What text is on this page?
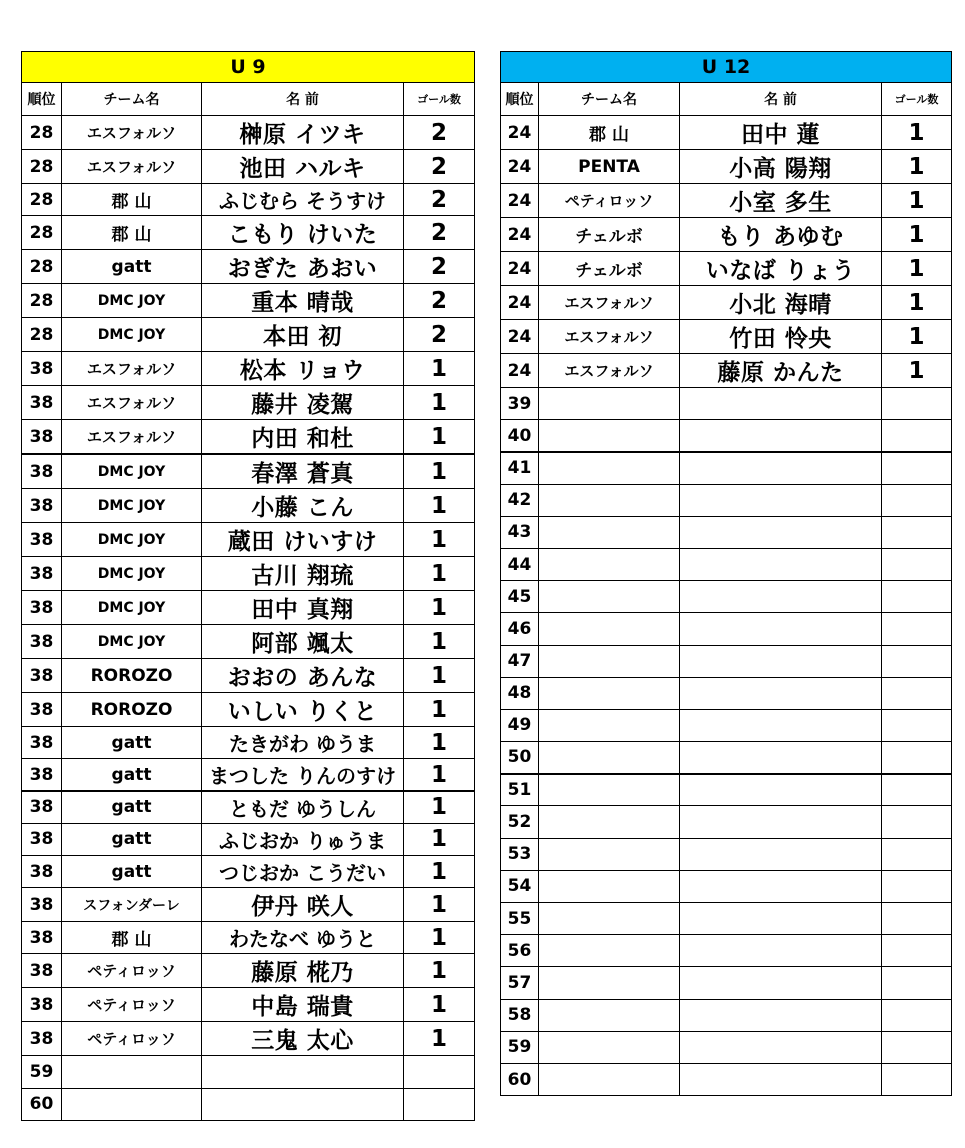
U 9			
順位	チーム名	名 前	ゴール数
28	エスフォルソ	榊原 イツキ	2
28	エスフォルソ	池田 ハルキ	2
28	郡 山	ふじむら そうすけ	2
28	郡 山	こもり けいた	2
28	gatt	おぎた あおい	2
28	DMC JOY	重本 晴哉	2
28	DMC JOY	本田 初	2
38	エスフォルソ	松本 リョウ	1
38	エスフォルソ	藤井 凌駕	1
38	エスフォルソ	内田 和杜	1
38	DMC JOY	春澤 蒼真	1
38	DMC JOY	小藤 こん	1
38	DMC JOY	蔵田 けいすけ	1
38	DMC JOY	古川 翔琉	1
38	DMC JOY	田中 真翔	1
38	DMC JOY	阿部 颯太	1
38	ROROZO	おおの あんな	1
38	ROROZO	いしい りくと	1
38	gatt	たきがわ ゆうま	1
38	gatt	まつした りんのすけ	1
38	gatt	ともだ ゆうしん	1
38	gatt	ふじおか りゅうま	1
38	gatt	つじおか こうだい	1
38	スフォンダーレ	伊丹 咲人	1
38	郡 山	わたなべ ゆうと	1
38	ペティロッソ	藤原 椛乃	1
38	ペティロッソ	中島 瑞貴	1
38	ペティロッソ	三鬼 太心	1
59			
60			
U 12			
順位	チーム名	名 前	ゴール数
24	郡 山	田中 蓮	1
24	PENTA	小高 陽翔	1
24	ペティロッソ	小室 多生	1
24	チェルボ	もり あゆむ	1
24	チェルボ	いなば りょう	1
24	エスフォルソ	小北 海晴	1
24	エスフォルソ	竹田 怜央	1
24	エスフォルソ	藤原 かんた	1
39			
40			
41			
42			
43			
44			
45			
46			
47			
48			
49			
50			
51			
52			
53			
54			
55			
56			
57			
58			
59			
60			
